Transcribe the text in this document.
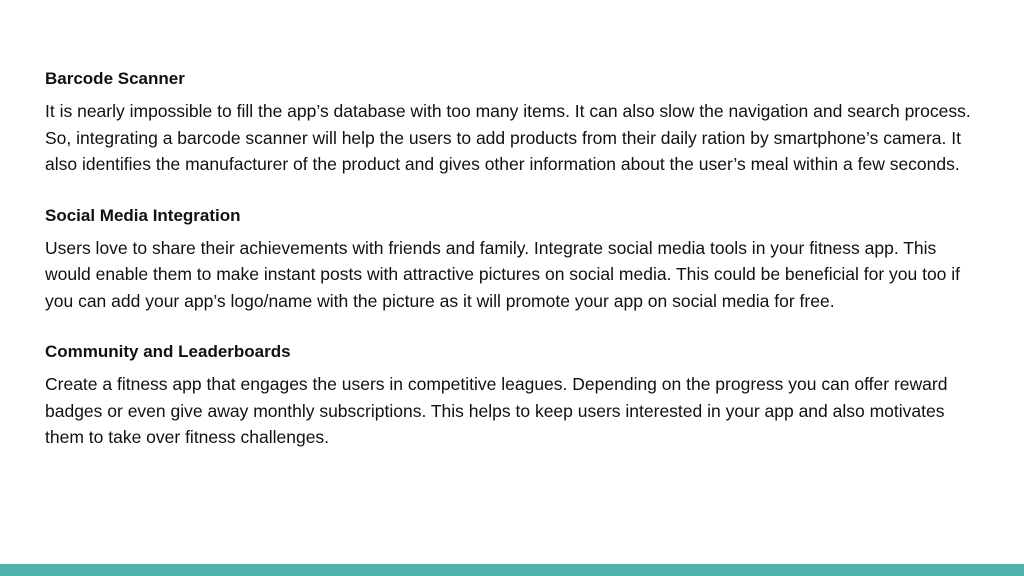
Barcode Scanner

It is nearly impossible to fill the app’s database with too many items. It can also slow the navigation and search process. So, integrating a barcode scanner will help the users to add products from their daily ration by smartphone’s camera. It also identifies the manufacturer of the product and gives other information about the user’s meal within a few seconds.

Social Media Integration

Users love to share their achievements with friends and family. Integrate social media tools in your fitness app. This would enable them to make instant posts with attractive pictures on social media. This could be beneficial for you too if you can add your app’s logo/name with the picture as it will promote your app on social media for free.

Community and Leaderboards

Create a fitness app that engages the users in competitive leagues. Depending on the progress you can offer reward badges or even give away monthly subscriptions. This helps to keep users interested in your app and also motivates them to take over fitness challenges.
